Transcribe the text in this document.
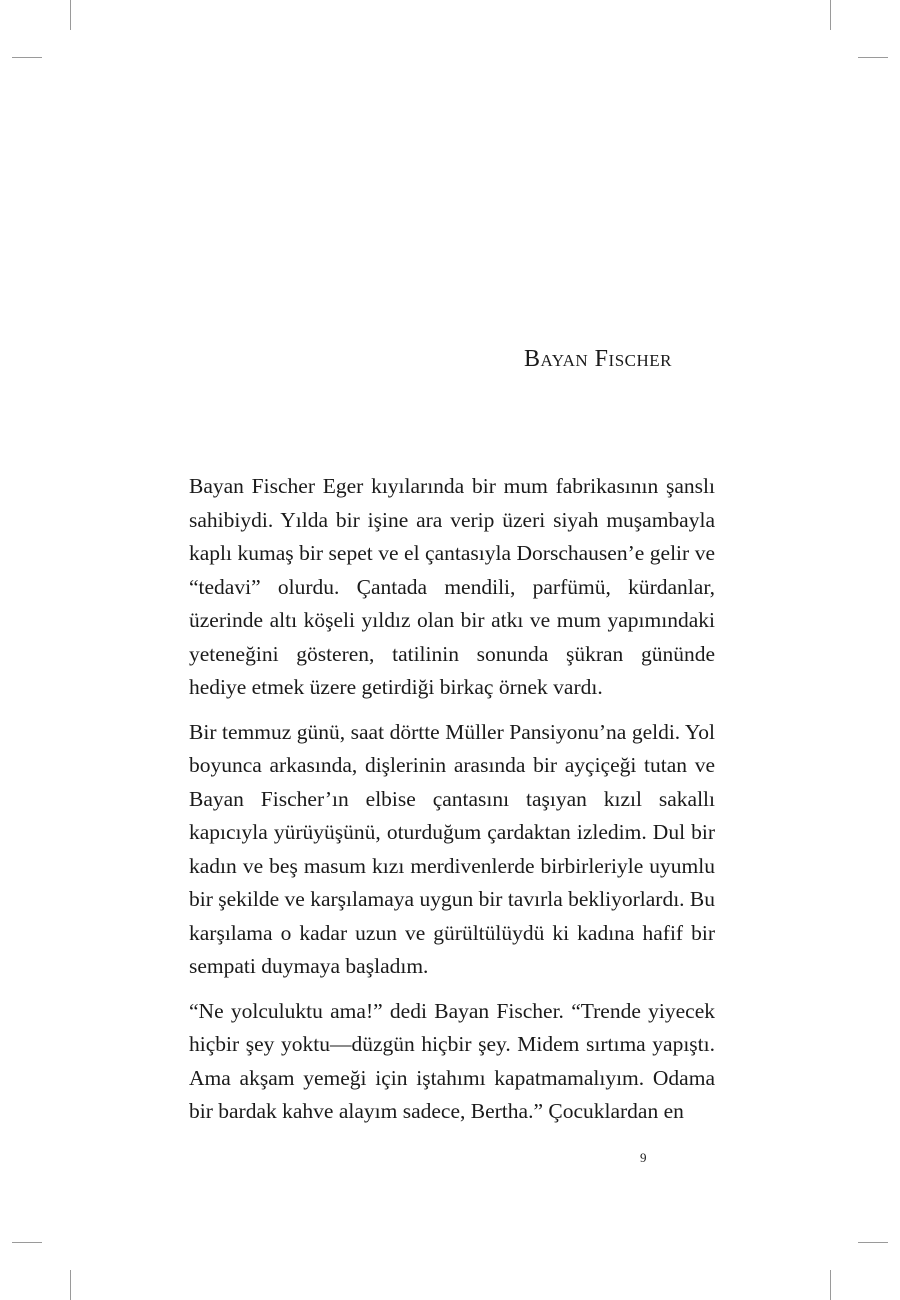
Bayan Fischer

Bayan Fischer Eger kıyılarında bir mum fabrikasının şanslı sahibiydi. Yılda bir işine ara verip üzeri siyah muşambayla kaplı kumaş bir sepet ve el çantasıyla Dorschausen’e gelir ve “tedavi” olurdu. Çantada mendili, parfümü, kürdanlar, üzerinde altı köşeli yıldız olan bir atkı ve mum yapımındaki yeteneğini gösteren, tatilinin sonunda şükran gününde hediye etmek üzere getirdiği birkaç örnek vardı.

Bir temmuz günü, saat dörtte Müller Pansiyonu’na geldi. Yol boyunca arkasında, dişlerinin arasında bir ayçiçeği tutan ve Bayan Fischer’ın elbise çantasını taşıyan kızıl sakallı kapıcıyla yürüyüşünü, oturduğum çardaktan izledim. Dul bir kadın ve beş masum kızı merdivenlerde birbirleriyle uyumlu bir şekilde ve karşılamaya uygun bir tavırla bekliyorlardı. Bu karşılama o kadar uzun ve gürültülüydü ki kadına hafif bir sempati duymaya başladım.

“Ne yolculuktu ama!” dedi Bayan Fischer. “Trende yiyecek hiçbir şey yoktu—düzgün hiçbir şey. Midem sırtıma yapıştı. Ama akşam yemeği için iştahımı kapatmamalıyım. Odama bir bardak kahve alayım sadece, Bertha.” Çocuklardan en

9
